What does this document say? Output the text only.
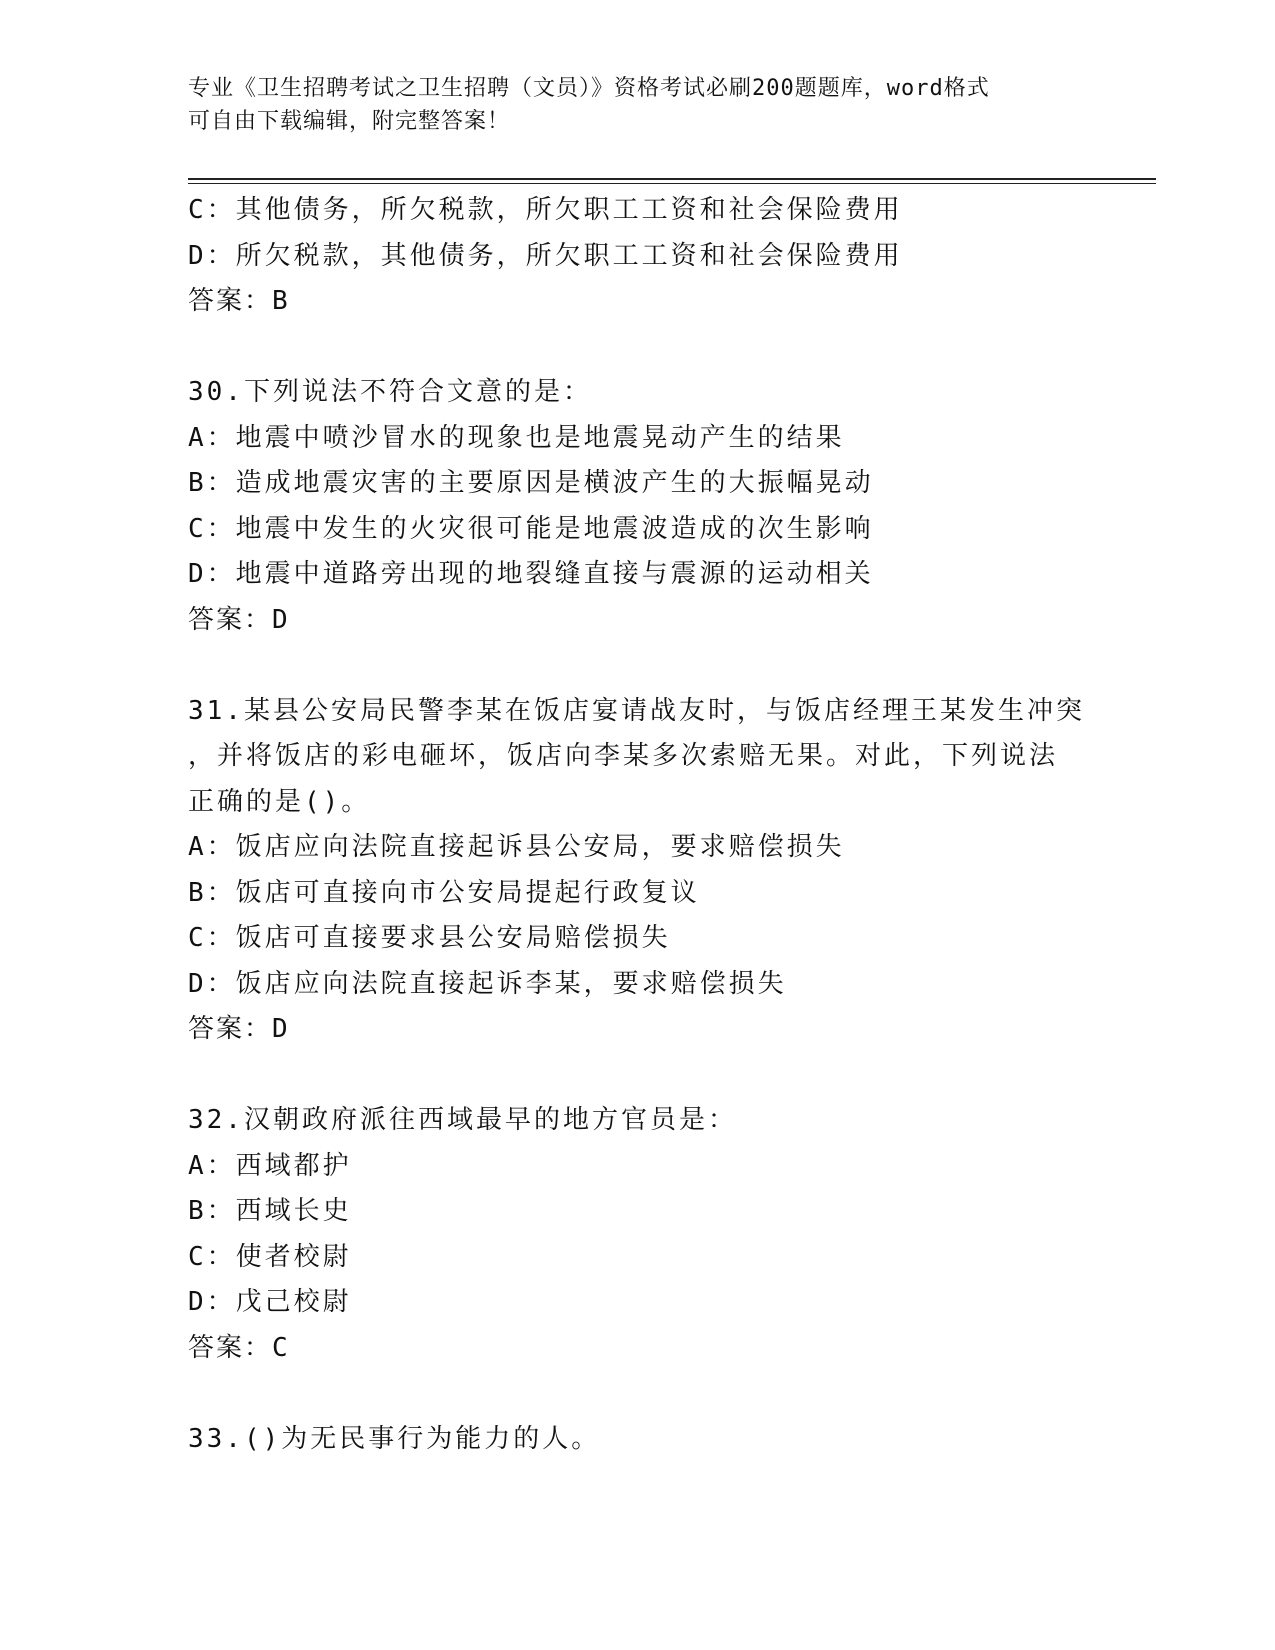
专业《卫生招聘考试之卫生招聘（文员）》资格考试必刷200题题库，word格式
可自由下载编辑，附完整答案！
C：其他债务，所欠税款，所欠职工工资和社会保险费用
D：所欠税款，其他债务，所欠职工工资和社会保险费用
答案：B
30.下列说法不符合文意的是：
A：地震中喷沙冒水的现象也是地震晃动产生的结果
B：造成地震灾害的主要原因是横波产生的大振幅晃动
C：地震中发生的火灾很可能是地震波造成的次生影响
D：地震中道路旁出现的地裂缝直接与震源的运动相关
答案：D
31.某县公安局民警李某在饭店宴请战友时，与饭店经理王某发生冲突
，并将饭店的彩电砸坏，饭店向李某多次索赔无果。对此，下列说法
正确的是()。
A：饭店应向法院直接起诉县公安局，要求赔偿损失
B：饭店可直接向市公安局提起行政复议
C：饭店可直接要求县公安局赔偿损失
D：饭店应向法院直接起诉李某，要求赔偿损失
答案：D
32.汉朝政府派往西域最早的地方官员是：
A：西域都护
B：西域长史
C：使者校尉
D：戊己校尉
答案：C
33.()为无民事行为能力的人。
